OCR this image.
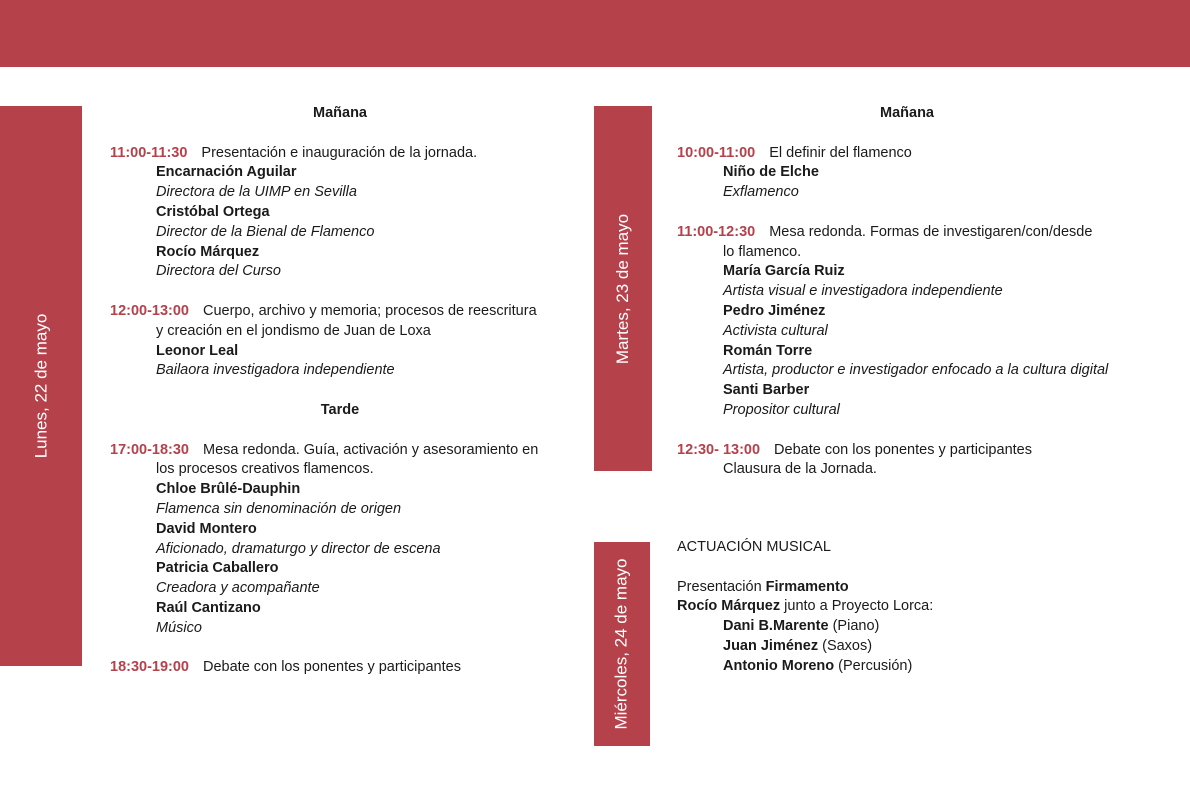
Lunes, 22 de mayo
Martes, 23 de mayo
Miércoles, 24 de mayo
Mañana
11:00-11:30 Presentación e inauguración de la jornada.
Encarnación Aguilar
Directora de la UIMP en Sevilla
Cristóbal Ortega
Director de la Bienal de Flamenco
Rocío Márquez
Directora del Curso
12:00-13:00 Cuerpo, archivo y memoria; procesos de reescritura
y creación en el jondismo de Juan de Loxa
Leonor Leal
Bailaora investigadora independiente
Tarde
17:00-18:30 Mesa redonda. Guía, activación y asesoramiento en
los procesos creativos flamencos.
Chloe Brûlé-Dauphin
Flamenca sin denominación de origen
David Montero
Aficionado, dramaturgo y director de escena
Patricia Caballero
Creadora y acompañante
Raúl Cantizano
Músico
18:30-19:00 Debate con los ponentes y participantes
Mañana
10:00-11:00 El definir del flamenco
Niño de Elche
Exflamenco
11:00-12:30 Mesa redonda. Formas de investigaren/con/desde
lo flamenco.
María García Ruiz
Artista visual e investigadora independiente
Pedro Jiménez
Activista cultural
Román Torre
Artista, productor e investigador enfocado a la cultura digital
Santi Barber
Propositor cultural
12:30- 13:00 Debate con los ponentes y participantes
Clausura de la Jornada.
ACTUACIÓN MUSICAL
Presentación Firmamento
Rocío Márquez junto a Proyecto Lorca:
Dani B.Marente (Piano)
Juan Jiménez (Saxos)
Antonio Moreno (Percusión)
